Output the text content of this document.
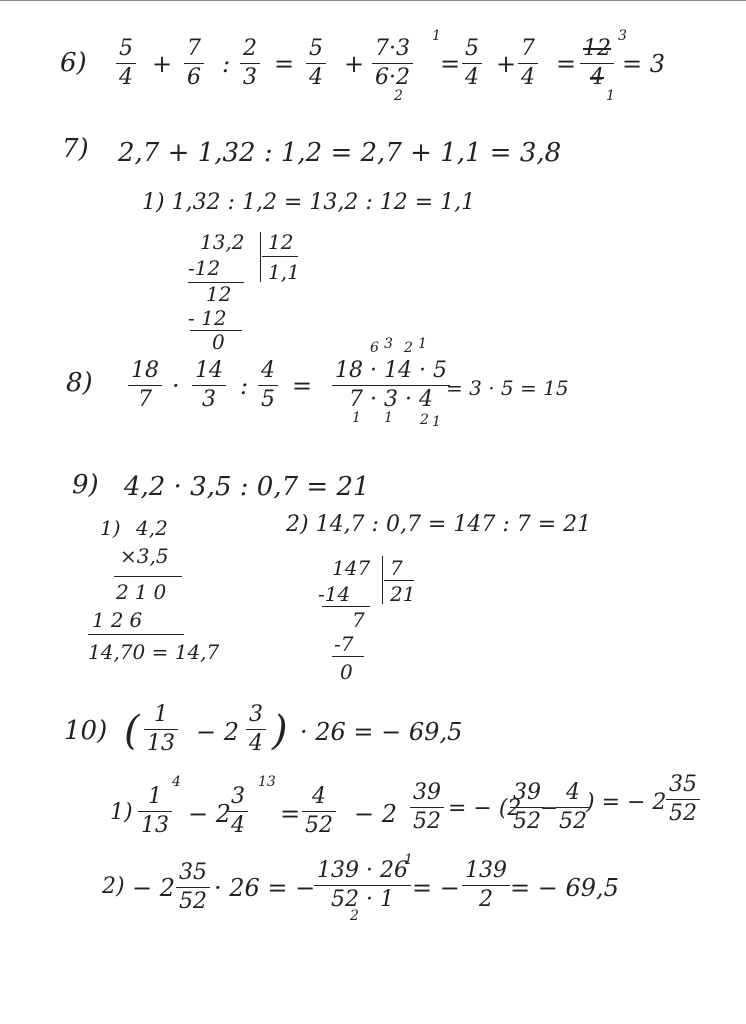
6) 5
4 +
7
6 :
2
3 =
5
4 +
7·3
6·2
1
2
=
5
4 +
7
4 =
12
4
3
1
= 3
7) 2,7 + 1,32 : 1,2 = 2,7 + 1,1 = 3,8
1) 1,32 : 1,2 = 13,2 : 12 = 1,1
13,2 12
1,1
-12
12
- 12
0
8) 18
7 ·
14
3 :
4
5 =
18 · 14 · 5
7 · 3 · 4
6 3 2 1
1 1 2 1
= 3 · 5 = 15
9) 4,2 · 3,5 : 0,7 = 21
1) 4,2
×3,5
210
126
14,70 = 14,7
2) 14,7 : 0,7 = 147 : 7 = 21
147 7
21
-14
7
-7
0
10) ( 1
13 − 2
3
4 ) · 26 = − 69,5
1)
1
13
4
− 2
3
4
13
=
4
52 − 2
39
52
= − (2
39
52
−
4
52
) = − 2
35
52
2) − 2
35
52 · 26 = −
139 · 26
52 · 1
1
2
= −
139
2 = − 69,5
